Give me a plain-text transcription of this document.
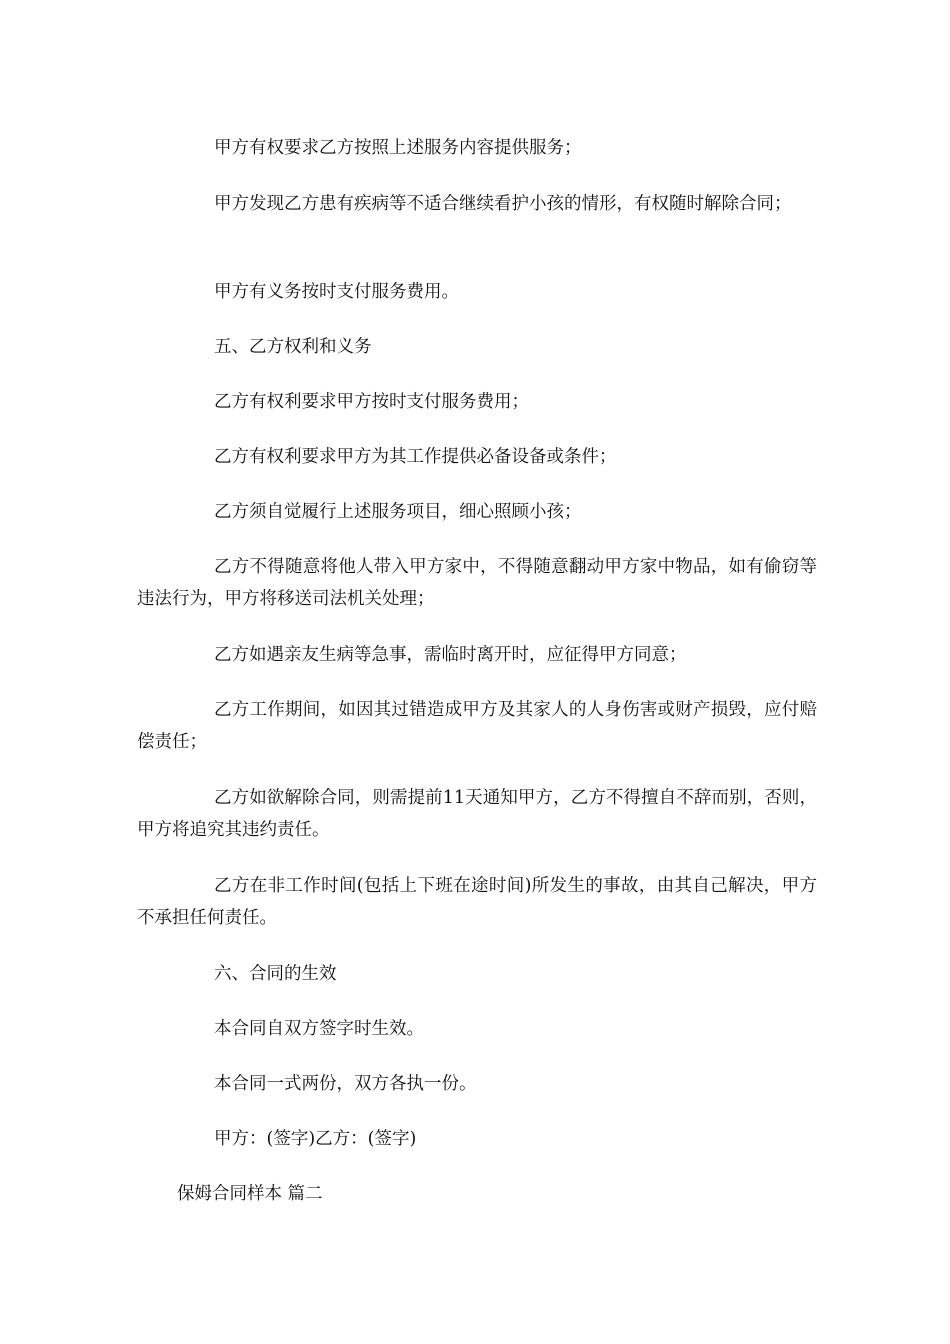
甲方有权要求乙方按照上述服务内容提供服务；

甲方发现乙方患有疾病等不适合继续看护小孩的情形，有权随时解除合同；

甲方有义务按时支付服务费用。

五、乙方权利和义务

乙方有权利要求甲方按时支付服务费用；

乙方有权利要求甲方为其工作提供必备设备或条件；

乙方须自觉履行上述服务项目，细心照顾小孩；

乙方不得随意将他人带入甲方家中，不得随意翻动甲方家中物品，如有偷窃等违法行为，甲方将移送司法机关处理；

乙方如遇亲友生病等急事，需临时离开时，应征得甲方同意；

乙方工作期间，如因其过错造成甲方及其家人的人身伤害或财产损毁，应付赔偿责任；

乙方如欲解除合同，则需提前11天通知甲方，乙方不得擅自不辞而别，否则，甲方将追究其违约责任。

乙方在非工作时间(包括上下班在途时间)所发生的事故，由其自己解决，甲方不承担任何责任。

六、合同的生效

本合同自双方签字时生效。

本合同一式两份，双方各执一份。

甲方：(签字)乙方：(签字)

保姆合同样本 篇二
